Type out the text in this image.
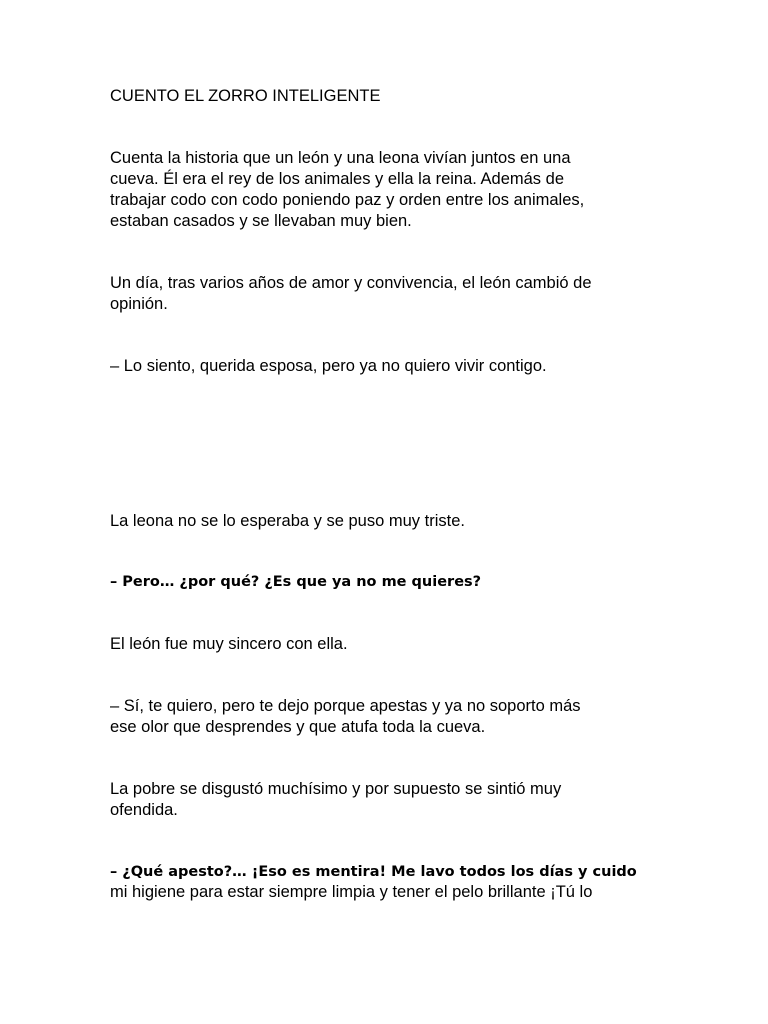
CUENTO EL ZORRO INTELIGENTE

Cuenta la historia que un león y una leona vivían juntos en una
cueva. Él era el rey de los animales y ella la reina. Además de
trabajar codo con codo poniendo paz y orden entre los animales,
estaban casados y se llevaban muy bien.

Un día, tras varios años de amor y convivencia, el león cambió de
opinión.

– Lo siento, querida esposa, pero ya no quiero vivir contigo.

La leona no se lo esperaba y se puso muy triste.

– Pero… ¿por qué? ¿Es que ya no me quieres?

El león fue muy sincero con ella.

– Sí, te quiero, pero te dejo porque apestas y ya no soporto más
ese olor que desprendes y que atufa toda la cueva.

La pobre se disgustó muchísimo y por supuesto se sintió muy
ofendida.

– ¿Qué apesto?… ¡Eso es mentira! Me lavo todos los días y cuido

mi higiene para estar siempre limpia y tener el pelo brillante ¡Tú lo
